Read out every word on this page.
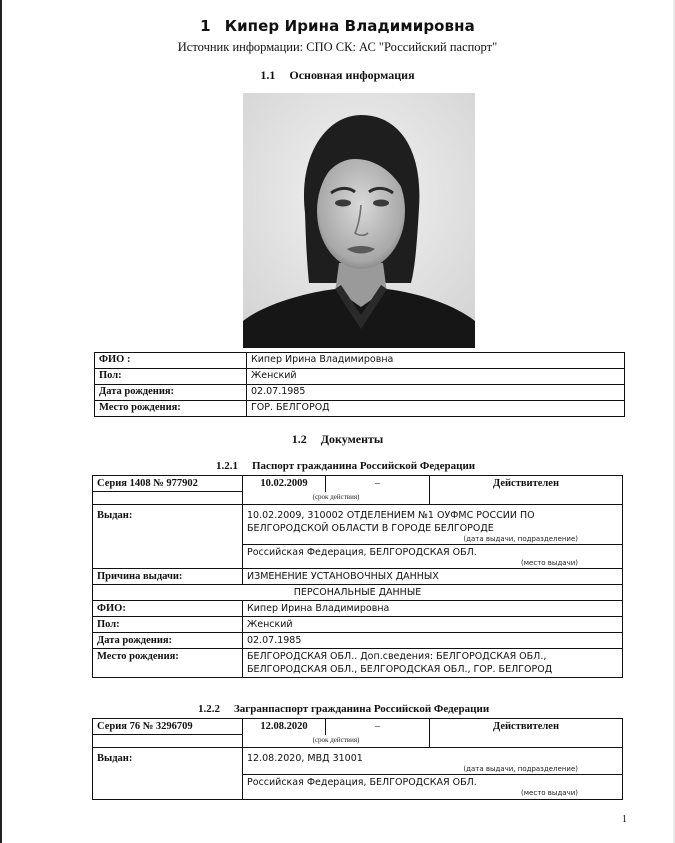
1 Кипер Ирина Владимировна
Источник информации: СПО СК: АС "Российский паспорт"
1.1 Основная информация
ФИО :	Кипер Ирина Владимировна
Пол:	Женский
Дата рождения:	02.07.1985
Место рождения:	ГОР. БЕЛГОРОД
1.2 Документы
1.2.1 Паспорт гражданина Российской Федерации
Серия 1408 № 977902	10.02.2009	–	Действителен
	(срок действия)		
Выдан:	10.02.2009, 310002 ОТДЕЛЕНИЕМ №1 ОУФМС РОССИИ ПО БЕЛГОРОДСКОЙ ОБЛАСТИ В ГОРОДЕ БЕЛГОРОДЕ
(дата выдачи, подразделение)		

	Российская Федерация, БЕЛГОРОДСКАЯ ОБЛ.
(место выдачи)		

Причина выдачи:	ИЗМЕНЕНИЕ УСТАНОВОЧНЫХ ДАННЫХ		
ПЕРСОНАЛЬНЫЕ ДАННЫЕ			
ФИО:	Кипер Ирина Владимировна		
Пол:	Женский		
Дата рождения:	02.07.1985		
Место рождения:	БЕЛГОРОДСКАЯ ОБЛ.. Доп.сведения: БЕЛГОРОДСКАЯ ОБЛ., БЕЛГОРОДСКАЯ ОБЛ., БЕЛГОРОДСКАЯ ОБЛ., ГОР. БЕЛГОРОД		
1.2.2 Загранпаспорт гражданина Российской Федерации
Серия 76 № 3296709	12.08.2020	–	Действителен
	(срок действия)		
Выдан:	12.08.2020, МВД 31001
(дата выдачи, подразделение)		

	Российская Федерация, БЕЛГОРОДСКАЯ ОБЛ.
(место выдачи)		
1
